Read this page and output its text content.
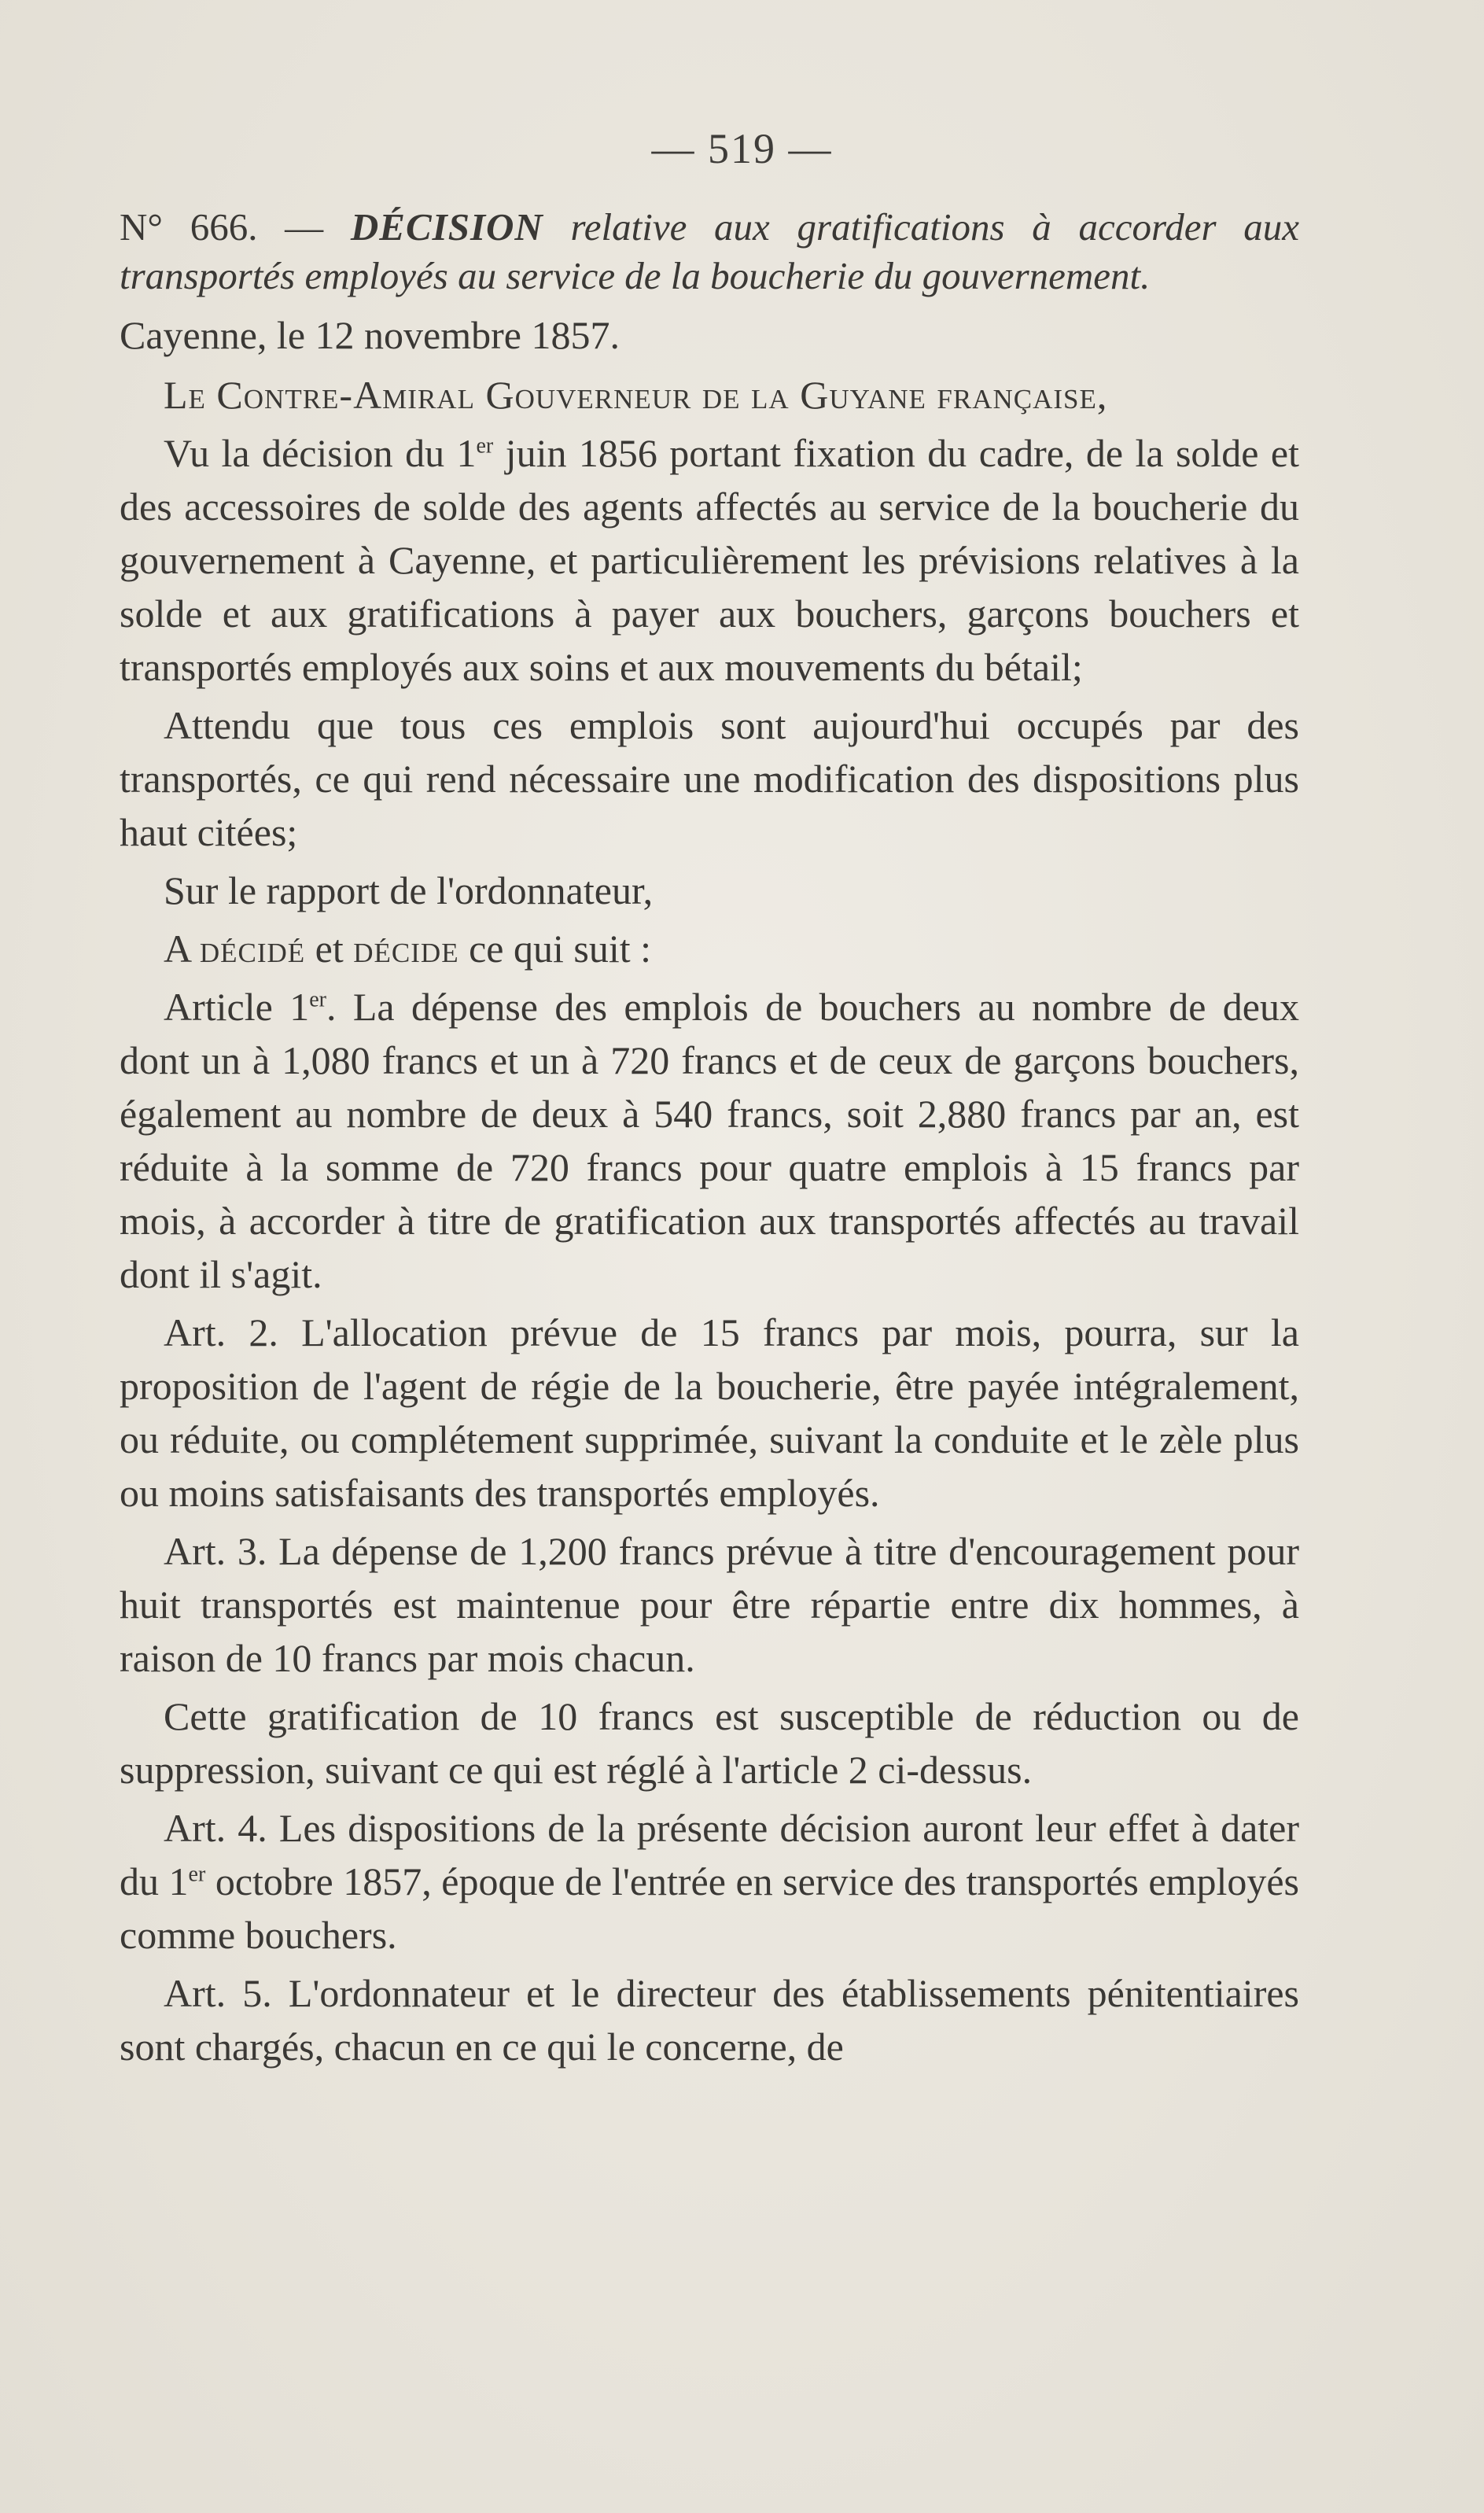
— 519 —

N° 666. — DÉCISION relative aux gratifications à accorder aux transportés employés au service de la boucherie du gouvernement.

Cayenne, le 12 novembre 1857.

Le Contre-Amiral Gouverneur de la Guyane française,

Vu la décision du 1er juin 1856 portant fixation du cadre, de la solde et des accessoires de solde des agents affectés au service de la boucherie du gouvernement à Cayenne, et particulièrement les prévisions relatives à la solde et aux gratifications à payer aux bouchers, garçons bouchers et transportés employés aux soins et aux mouvements du bétail;

Attendu que tous ces emplois sont aujourd'hui occupés par des transportés, ce qui rend nécessaire une modification des dispositions plus haut citées;

Sur le rapport de l'ordonnateur,

A décidé et décide ce qui suit :

Article 1er. La dépense des emplois de bouchers au nombre de deux dont un à 1,080 francs et un à 720 francs et de ceux de garçons bouchers, également au nombre de deux à 540 francs, soit 2,880 francs par an, est réduite à la somme de 720 francs pour quatre emplois à 15 francs par mois, à accorder à titre de gratification aux transportés affectés au travail dont il s'agit.

Art. 2. L'allocation prévue de 15 francs par mois, pourra, sur la proposition de l'agent de régie de la boucherie, être payée intégralement, ou réduite, ou complétement supprimée, suivant la conduite et le zèle plus ou moins satisfaisants des transportés employés.

Art. 3. La dépense de 1,200 francs prévue à titre d'encouragement pour huit transportés est maintenue pour être répartie entre dix hommes, à raison de 10 francs par mois chacun.

Cette gratification de 10 francs est susceptible de réduction ou de suppression, suivant ce qui est réglé à l'article 2 ci-dessus.

Art. 4. Les dispositions de la présente décision auront leur effet à dater du 1er octobre 1857, époque de l'entrée en service des transportés employés comme bouchers.

Art. 5. L'ordonnateur et le directeur des établissements pénitentiaires sont chargés, chacun en ce qui le concerne, de
